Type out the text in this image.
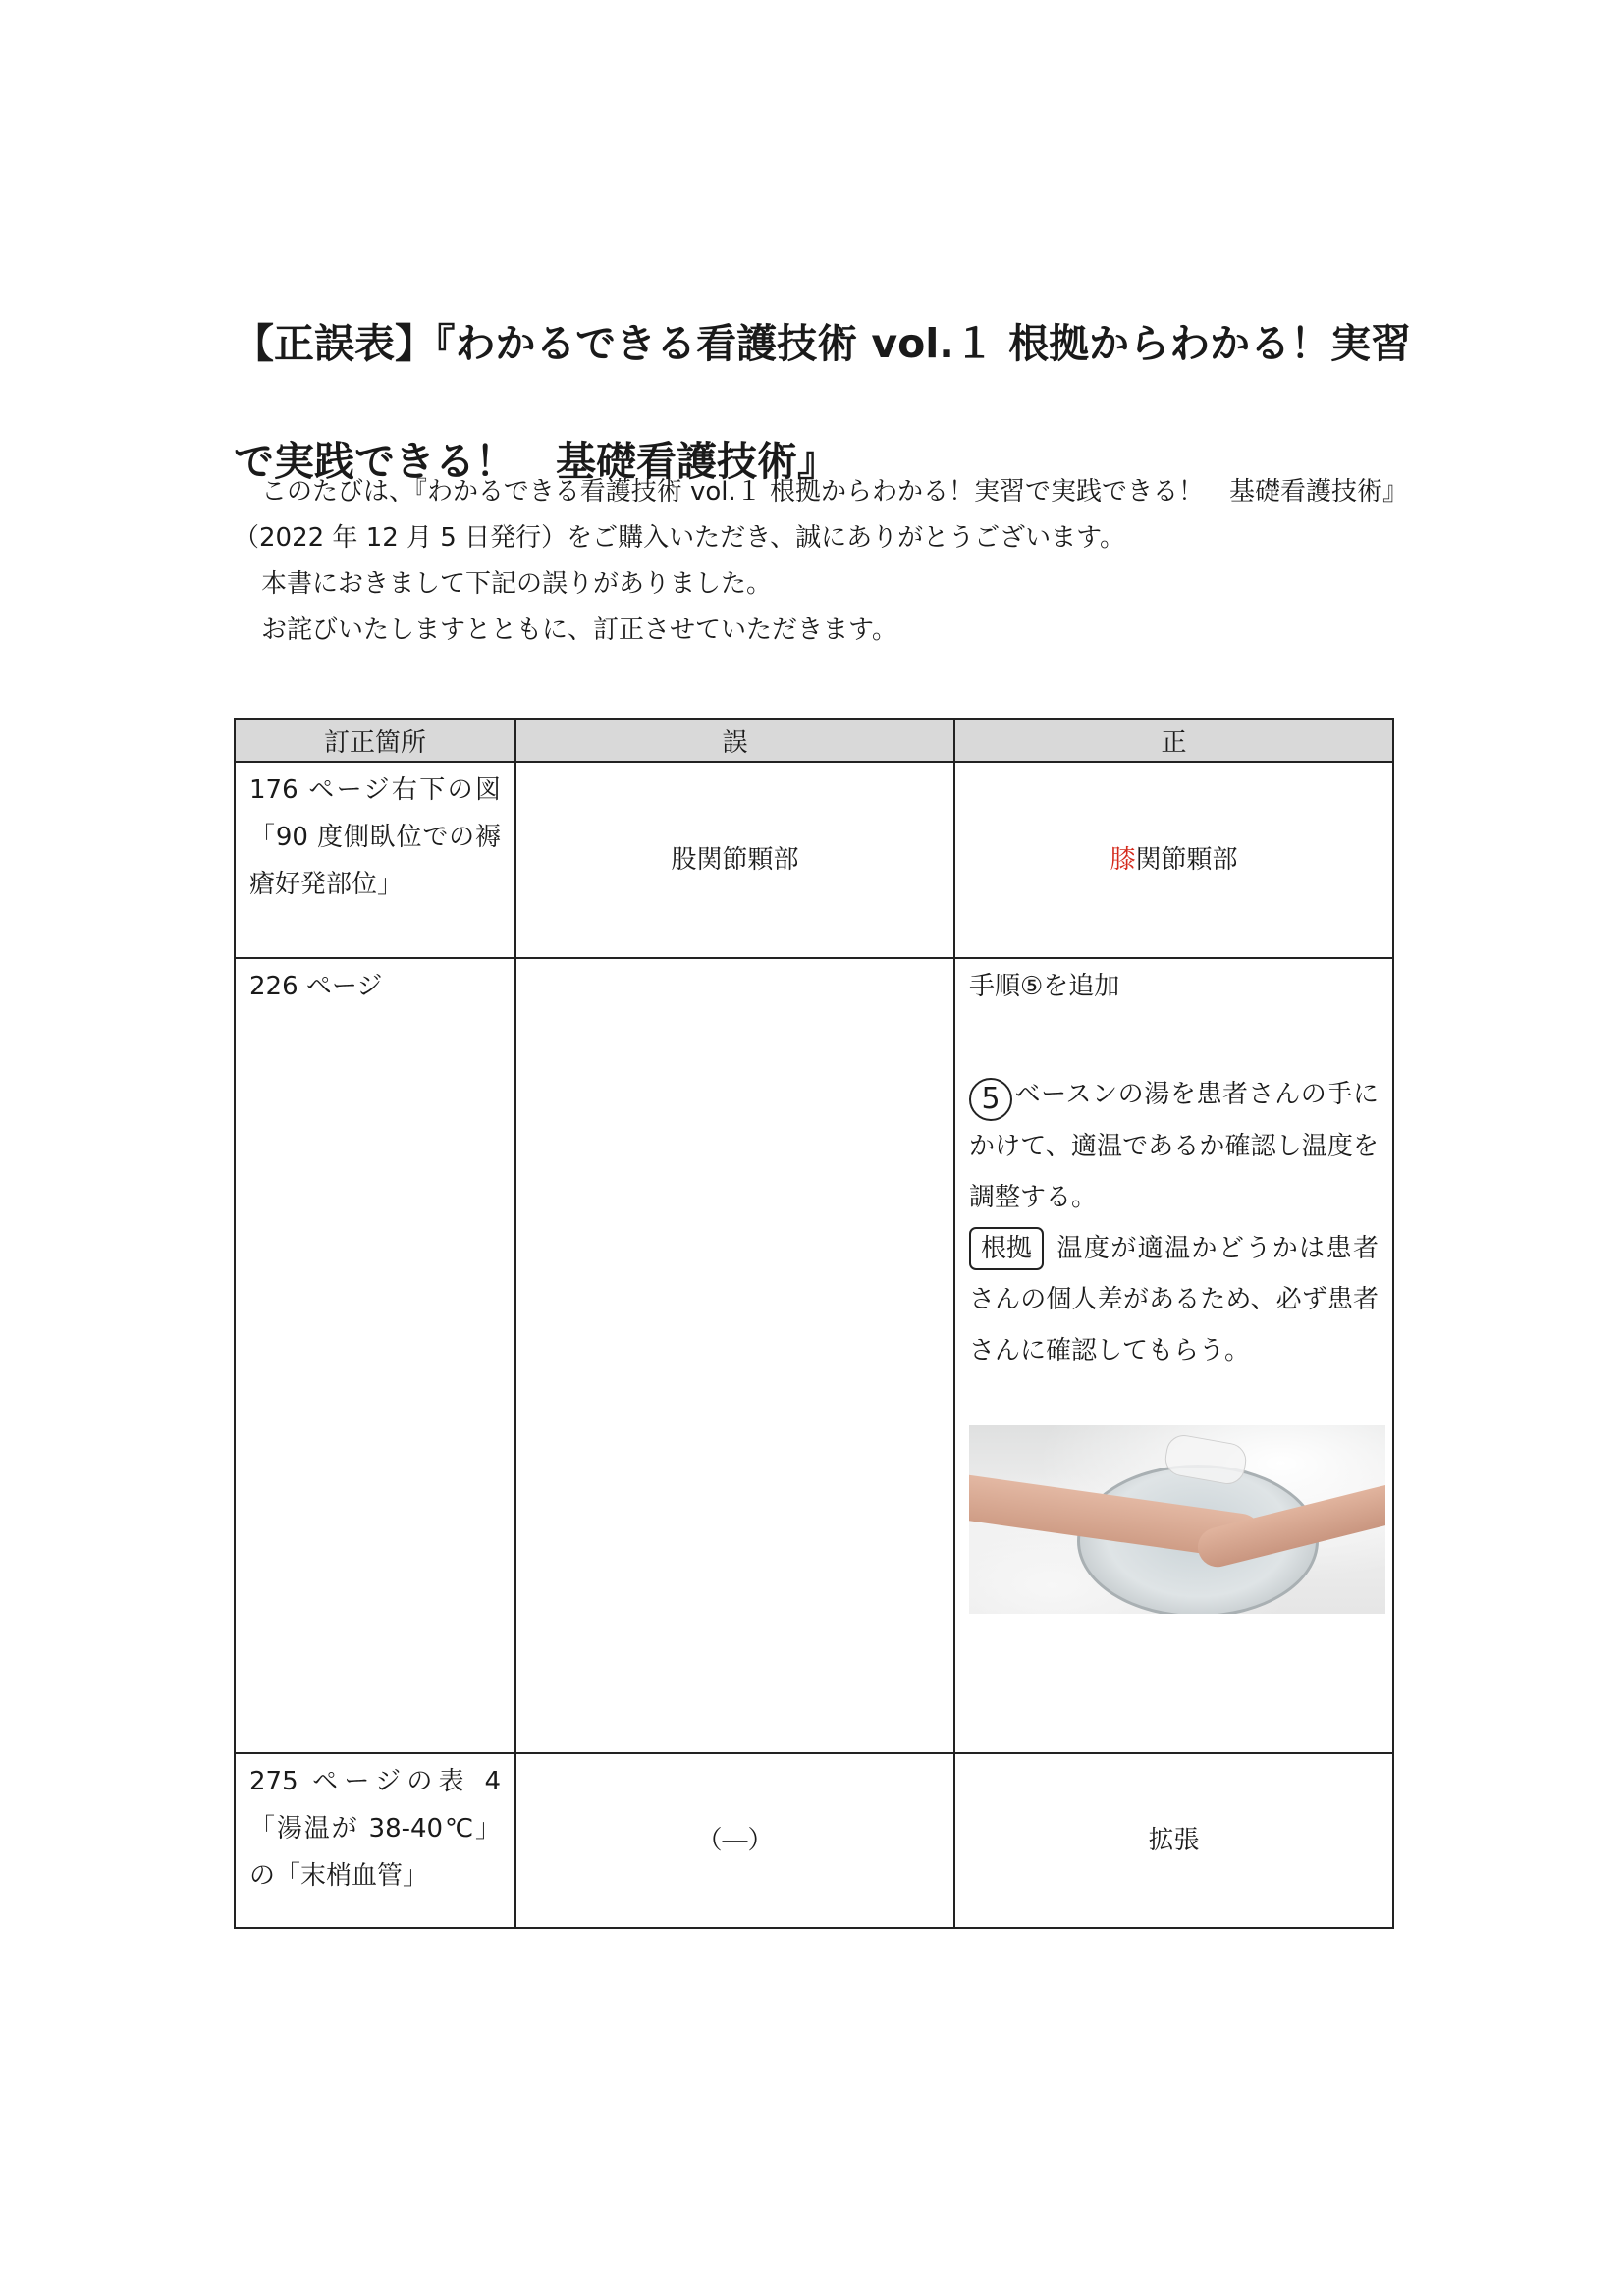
【正誤表】『わかるできる看護技術 vol.１ 根拠からわかる！実習で実践できる！　基礎看護技術』

このたびは、『わかるできる看護技術 vol.１ 根拠からわかる！実習で実践できる！　基礎看護技術』（2022 年 12 月 5 日発行）をご購入いただき、誠にありがとうございます。

本書におきまして下記の誤りがありました。

お詫びいたしますとともに、訂正させていただきます。

訂正箇所	誤	正
176 ページ右下の図「90 度側臥位での褥瘡好発部位」	股関節顆部	膝関節顆部
226 ページ		手順⑤を追加

5 ベースンの湯を患者さんの手にかけて、適温であるか確認し温度を調整する。
根拠 温度が適温かどうかは患者さんの個人差があるため、必ず患者さんに確認してもらう。

275 ページの表 4「湯温が 38-40℃」の「末梢血管」	（―）	拡張
